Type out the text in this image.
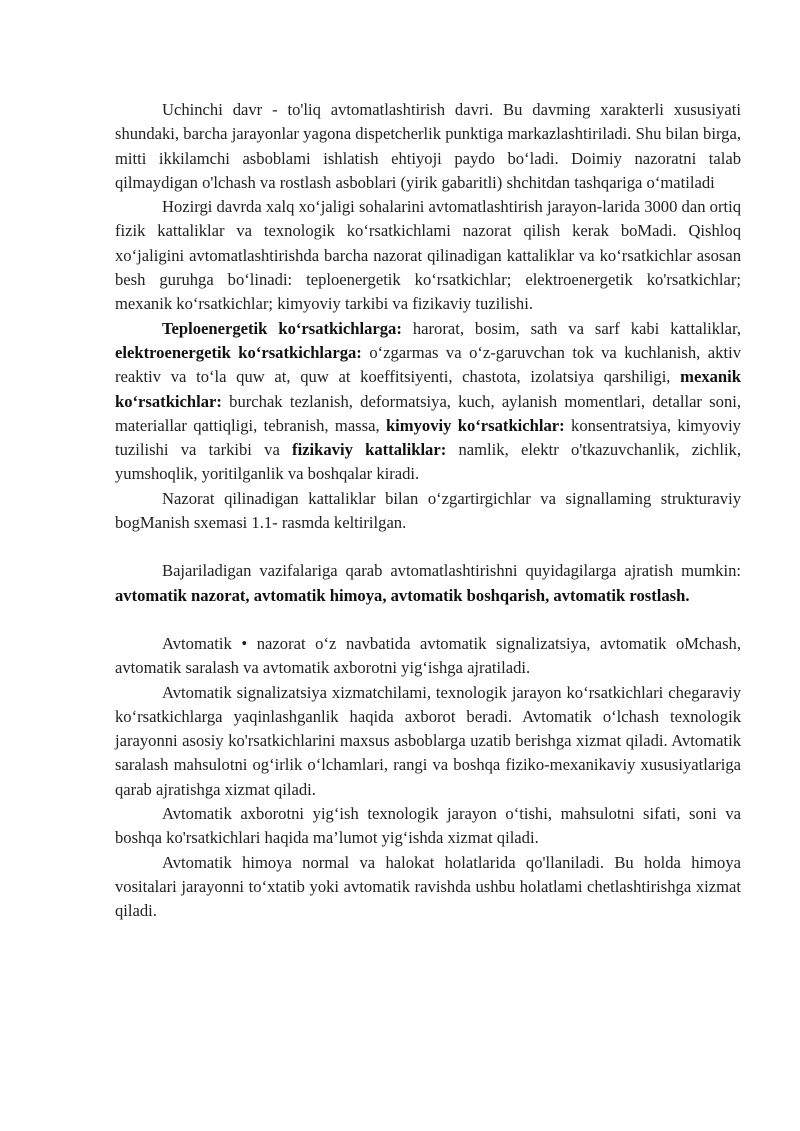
Uchinchi davr - to'liq avtomatlashtirish davri. Bu davming xarakterli xususiyati shundaki, barcha jarayonlar yagona dispetcherlik punktiga markazlashtiriladi. Shu bilan birga, mitti ikkilamchi asboblami ishlatish ehtiyoji paydo bo‘ladi. Doimiy nazoratni talab qilmaydigan o'lchash va rostlash asboblari (yirik gabaritli) shchitdan tashqariga o‘matiladi

Hozirgi davrda xalq xo‘jaligi sohalarini avtomatlashtirish jarayon-larida 3000 dan ortiq fizik kattaliklar va texnologik ko‘rsatkichlami nazorat qilish kerak boMadi. Qishloq xo‘jaligini avtomatlashtirishda barcha nazorat qilinadigan kattaliklar va ko‘rsatkichlar asosan besh guruhga bo‘linadi: teploenergetik ko‘rsatkichlar; elektroenergetik ko'rsatkichlar; mexanik ko‘rsatkichlar; kimyoviy tarkibi va fizikaviy tuzilishi.

Teploenergetik ko‘rsatkichlarga: harorat, bosim, sath va sarf kabi kattaliklar, elektroenergetik ko‘rsatkichlarga: o‘zgarmas va o‘z-garuvchan tok va kuchlanish, aktiv reaktiv va to‘la quw at, quw at koeffitsiyenti, chastota, izolatsiya qarshiligi, mexanik ko‘rsatkichlar: burchak tezlanish, deformatsiya, kuch, aylanish momentlari, detallar soni, materiallar qattiqligi, tebranish, massa, kimyoviy ko‘rsatkichlar: konsentratsiya, kimyoviy tuzilishi va tarkibi va fizikaviy kattaliklar: namlik, elektr o'tkazuvchanlik, zichlik, yumshoqlik, yoritilganlik va boshqalar kiradi.

Nazorat qilinadigan kattaliklar bilan o‘zgartirgichlar va signallaming strukturaviy bogManish sxemasi 1.1- rasmda keltirilgan.

Bajariladigan vazifalariga qarab avtomatlashtirishni quyidagilarga ajratish mumkin: avtomatik nazorat, avtomatik himoya, avtomatik boshqarish, avtomatik rostlash.

Avtomatik • nazorat o‘z navbatida avtomatik signalizatsiya, avtomatik oMchash, avtomatik saralash va avtomatik axborotni yig‘ishga ajratiladi.

Avtomatik signalizatsiya xizmatchilami, texnologik jarayon ko‘rsatkichlari chegaraviy ko‘rsatkichlarga yaqinlashganlik haqida axborot beradi. Avtomatik o‘lchash texnologik jarayonni asosiy ko'rsatkichlarini maxsus asboblarga uzatib berishga xizmat qiladi. Avtomatik saralash mahsulotni og‘irlik o‘lchamlari, rangi va boshqa fiziko-mexanikaviy xususiyatlariga qarab ajratishga xizmat qiladi.

Avtomatik axborotni yig‘ish texnologik jarayon o‘tishi, mahsulotni sifati, soni va boshqa ko'rsatkichlari haqida ma’lumot yig‘ishda xizmat qiladi.

Avtomatik himoya normal va halokat holatlarida qo'llaniladi. Bu holda himoya vositalari jarayonni to‘xtatib yoki avtomatik ravishda ushbu holatlami chetlashtirishga xizmat qiladi.
